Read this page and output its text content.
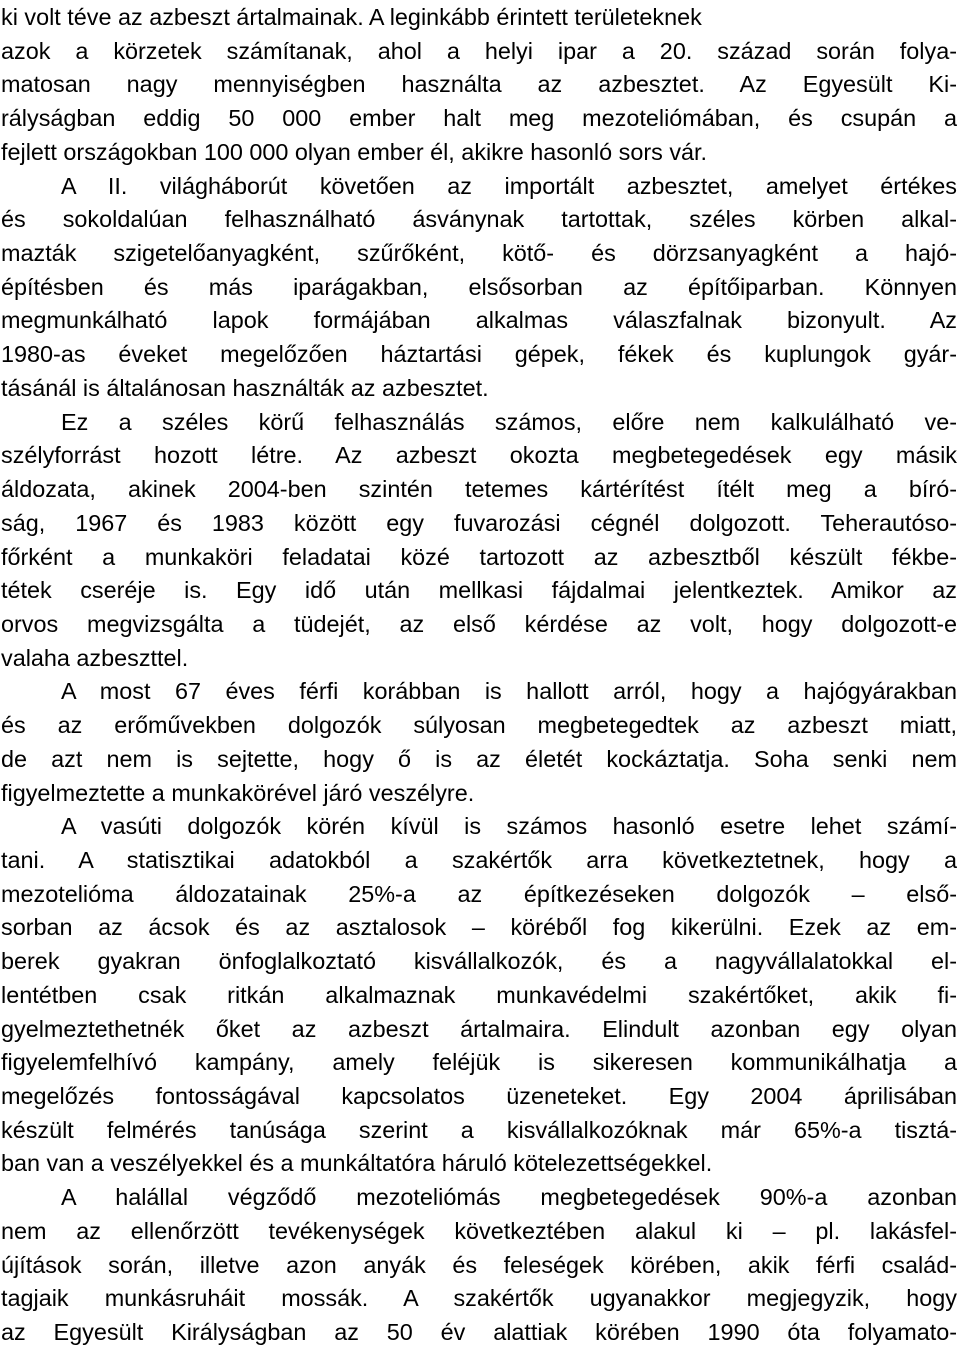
ki volt téve az azbeszt ártalmainak. A leginkább érintett területeknek
azok a körzetek számítanak, ahol a helyi ipar a 20. század során folya-
matosan nagy mennyiségben használta az azbesztet. Az Egyesült Ki-
rályságban eddig 50 000 ember halt meg mezoteliómában, és csupán a
fejlett országokban 100 000 olyan ember él, akikre hasonló sors vár.
A II. világháborút követően az importált azbesztet, amelyet értékes
és sokoldalúan felhasználható ásványnak tartottak, széles körben alkal-
mazták szigetelőanyagként, szűrőként, kötő- és dörzsanyagként a hajó-
építésben és más iparágakban, elsősorban az építőiparban. Könnyen
megmunkálható lapok formájában alkalmas válaszfalnak bizonyult. Az
1980-as éveket megelőzően háztartási gépek, fékek és kuplungok gyár-
tásánál is általánosan használták az azbesztet.
Ez a széles körű felhasználás számos, előre nem kalkulálható ve-
szélyforrást hozott létre. Az azbeszt okozta megbetegedések egy másik
áldozata, akinek 2004-ben szintén tetemes kártérítést ítélt meg a bíró-
ság, 1967 és 1983 között egy fuvarozási cégnél dolgozott. Teherautóso-
főrként a munkaköri feladatai közé tartozott az azbesztből készült fékbe-
tétek cseréje is. Egy idő után mellkasi fájdalmai jelentkeztek. Amikor az
orvos megvizsgálta a tüdejét, az első kérdése az volt, hogy dolgozott-e
valaha azbeszttel.
A most 67 éves férfi korábban is hallott arról, hogy a hajógyárakban
és az erőművekben dolgozók súlyosan megbetegedtek az azbeszt miatt,
de azt nem is sejtette, hogy ő is az életét kockáztatja. Soha senki nem
figyelmeztette a munkakörével járó veszélyre.
A vasúti dolgozók körén kívül is számos hasonló esetre lehet számí-
tani. A statisztikai adatokból a szakértők arra következtetnek, hogy a
mezotelióma áldozatainak 25%-a az építkezéseken dolgozók – első-
sorban az ácsok és az asztalosok – köréből fog kikerülni. Ezek az em-
berek gyakran önfoglalkoztató kisvállalkozók, és a nagyvállalatokkal el-
lentétben csak ritkán alkalmaznak munkavédelmi szakértőket, akik fi-
gyelmeztethetnék őket az azbeszt ártalmaira. Elindult azonban egy olyan
figyelemfelhívó kampány, amely feléjük is sikeresen kommunikálhatja a
megelőzés fontosságával kapcsolatos üzeneteket. Egy 2004 áprilisában
készült felmérés tanúsága szerint a kisvállalkozóknak már 65%-a tisztá-
ban van a veszélyekkel és a munkáltatóra háruló kötelezettségekkel.
A halállal végződő mezoteliómás megbetegedések 90%-a azonban
nem az ellenőrzött tevékenységek következtében alakul ki – pl. lakásfel-
újítások során, illetve azon anyák és feleségek körében, akik férfi család-
tagjaik munkásruháit mossák. A szakértők ugyanakkor megjegyzik, hogy
az Egyesült Királyságban az 50 év alattiak körében 1990 óta folyamato-
